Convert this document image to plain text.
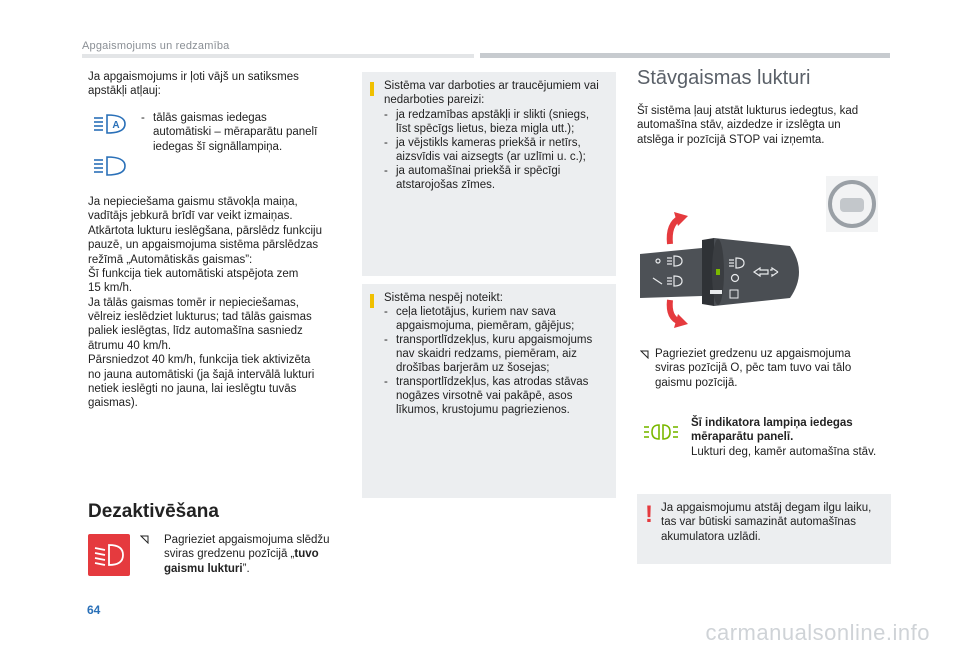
Apgaismojums un redzamība
Ja apgaismojums ir ļoti vājš un satiksmes
apstākļi atļauj:
A
- tālās gaismas iedegas
automātiski – mēraparātu panelī
iedegas šī signāllampiņa.
Ja nepieciešama gaismu stāvokļa maiņa,
vadītājs jebkurā brīdī var veikt izmaiņas.
Atkārtota lukturu ieslēgšana, pārslēdz funkciju
pauzē, un apgaismojuma sistēma pārslēdzas
režīmā „Automātiskās gaismas”:
Šī funkcija tiek automātiski atspējota zem
15 km/h.
Ja tālās gaismas tomēr ir nepieciešamas,
vēlreiz ieslēdziet lukturus; tad tālās gaismas
paliek ieslēgtas, līdz automašīna sasniedz
ātrumu 40 km/h.
Pārsniedzot 40 km/h, funkcija tiek aktivizēta
no jauna automātiski (ja šajā intervālā lukturi
netiek ieslēgti no jauna, lai ieslēgtu tuvās
gaismas).
Dezaktivēšana
Pagrieziet apgaismojuma slēdžu
sviras gredzenu pozīcijā „tuvo
gaismu lukturi”.
Sistēma var darboties ar traucējumiem vai
nedarboties pareizi:
- ja redzamības apstākļi ir slikti (sniegs,
līst spēcīgs lietus, bieza migla utt.);
- ja vējstikls kameras priekšā ir netīrs,
aizsvīdis vai aizsegts (ar uzlīmi u. c.);
- ja automašīnai priekšā ir spēcīgi
atstarojošas zīmes.
Sistēma nespēj noteikt:
- ceļa lietotājus, kuriem nav sava
apgaismojuma, piemēram, gājējus;
- transportlīdzekļus, kuru apgaismojums
nav skaidri redzams, piemēram, aiz
drošības barjerām uz šosejas;
- transportlīdzekļus, kas atrodas stāvas
nogāzes virsotnē vai pakāpē, asos
līkumos, krustojumu pagriezienos.
Stāvgaismas lukturi
Šī sistēma ļauj atstāt lukturus iedegtus, kad
automašīna stāv, aizdedze ir izslēgta un
atslēga ir pozīcijā STOP vai izņemta.
Pagrieziet gredzenu uz apgaismojuma
sviras pozīcijā O, pēc tam tuvo vai tālo
gaismu pozīcijā.
Šī indikatora lampiņa iedegas
mēraparātu panelī.
Lukturi deg, kamēr automašīna stāv.
! Ja apgaismojumu atstāj degam ilgu laiku,
tas var būtiski samazināt automašīnas
akumulatora uzlādi.
64
carmanualsonline.info
